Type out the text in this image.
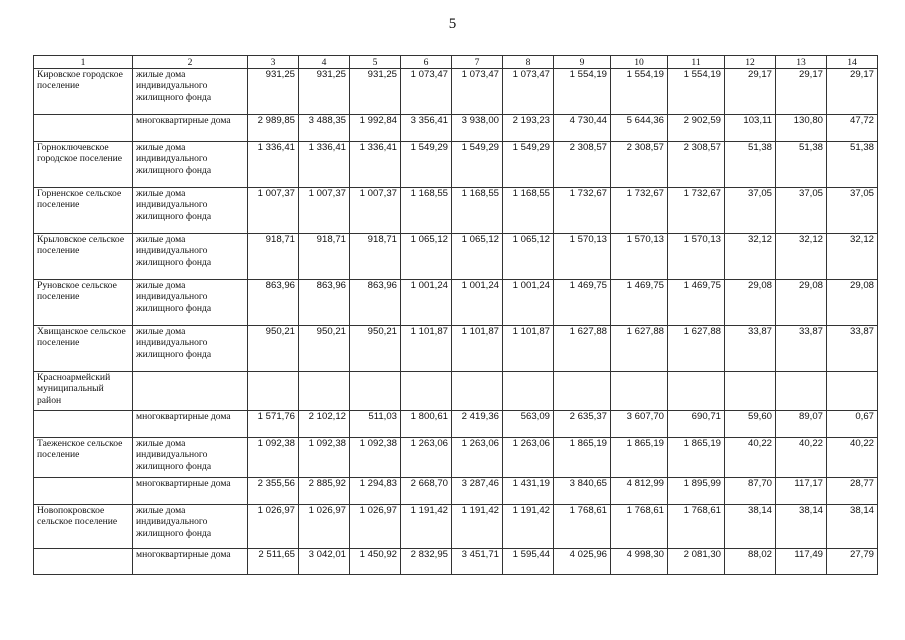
5
1	2	3	4	5	6	7	8	9	10	11	12	13	14
Кировское городское поселение	жилые дома индивидуального жилищного фонда	931,25	931,25	931,25	1 073,47	1 073,47	1 073,47	1 554,19	1 554,19	1 554,19	29,17	29,17	29,17
	многоквартирные дома	2 989,85	3 488,35	1 992,84	3 356,41	3 938,00	2 193,23	4 730,44	5 644,36	2 902,59	103,11	130,80	47,72
Горноключевское городское поселение	жилые дома индивидуального жилищного фонда	1 336,41	1 336,41	1 336,41	1 549,29	1 549,29	1 549,29	2 308,57	2 308,57	2 308,57	51,38	51,38	51,38
Горненское сельское поселение	жилые дома индивидуального жилищного фонда	1 007,37	1 007,37	1 007,37	1 168,55	1 168,55	1 168,55	1 732,67	1 732,67	1 732,67	37,05	37,05	37,05
Крыловское сельское поселение	жилые дома индивидуального жилищного фонда	918,71	918,71	918,71	1 065,12	1 065,12	1 065,12	1 570,13	1 570,13	1 570,13	32,12	32,12	32,12
Руновское сельское поселение	жилые дома индивидуального жилищного фонда	863,96	863,96	863,96	1 001,24	1 001,24	1 001,24	1 469,75	1 469,75	1 469,75	29,08	29,08	29,08
Хвищанское сельское поселение	жилые дома индивидуального жилищного фонда	950,21	950,21	950,21	1 101,87	1 101,87	1 101,87	1 627,88	1 627,88	1 627,88	33,87	33,87	33,87
Красноармейский муниципальный район													
	многоквартирные дома	1 571,76	2 102,12	511,03	1 800,61	2 419,36	563,09	2 635,37	3 607,70	690,71	59,60	89,07	0,67
Таеженское сельское поселение	жилые дома индивидуального жилищного фонда	1 092,38	1 092,38	1 092,38	1 263,06	1 263,06	1 263,06	1 865,19	1 865,19	1 865,19	40,22	40,22	40,22
	многоквартирные дома	2 355,56	2 885,92	1 294,83	2 668,70	3 287,46	1 431,19	3 840,65	4 812,99	1 895,99	87,70	117,17	28,77
Новопокровское сельское поселение	жилые дома индивидуального жилищного фонда	1 026,97	1 026,97	1 026,97	1 191,42	1 191,42	1 191,42	1 768,61	1 768,61	1 768,61	38,14	38,14	38,14
	многоквартирные дома	2 511,65	3 042,01	1 450,92	2 832,95	3 451,71	1 595,44	4 025,96	4 998,30	2 081,30	88,02	117,49	27,79
